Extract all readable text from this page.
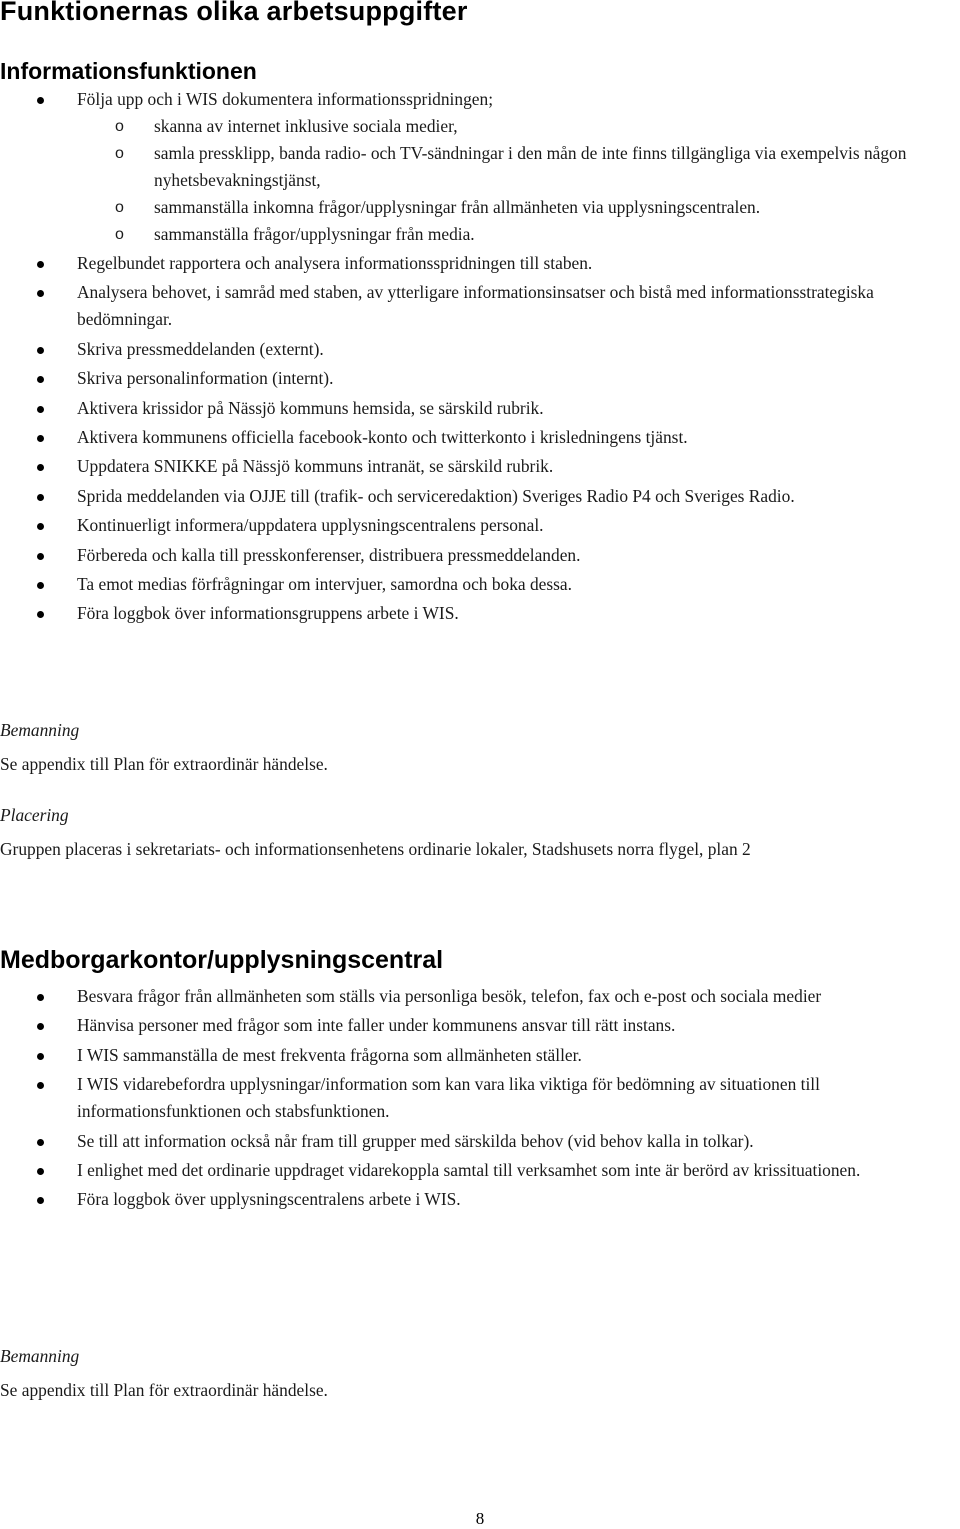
Funktionernas olika arbetsuppgifter
Informationsfunktionen
Följa upp och i WIS dokumentera informationsspridningen;
o skanna av internet inklusive sociala medier,
o samla pressklipp, banda radio- och TV-sändningar i den mån de inte finns tillgängliga via exempelvis någon nyhetsbevakningstjänst,
o sammanställa inkomna frågor/upplysningar från allmänheten via upplysningscentralen.
o sammanställa frågor/upplysningar från media.
Regelbundet rapportera och analysera informationsspridningen till staben.
Analysera behovet, i samråd med staben, av ytterligare informationsinsatser och bistå med informationsstrategiska bedömningar.
Skriva pressmeddelanden (externt).
Skriva personalinformation (internt).
Aktivera krissidor på Nässjö kommuns hemsida, se särskild rubrik.
Aktivera kommunens officiella facebook-konto och twitterkonto i krisledningens tjänst.
Uppdatera SNIKKE på Nässjö kommuns intranät, se särskild rubrik.
Sprida meddelanden via OJJE till (trafik- och serviceredaktion) Sveriges Radio P4 och Sveriges Radio.
Kontinuerligt informera/uppdatera upplysningscentralens personal.
Förbereda och kalla till presskonferenser, distribuera pressmeddelanden.
Ta emot medias förfrågningar om intervjuer, samordna och boka dessa.
Föra loggbok över informationsgruppens arbete i WIS.

Bemanning

Se appendix till Plan för extraordinär händelse.

Placering

Gruppen placeras i sekretariats- och informationsenhetens ordinarie lokaler, Stadshusets norra flygel, plan 2

Medborgarkontor/upplysningscentral
Besvara frågor från allmänheten som ställs via personliga besök, telefon, fax och e-post och sociala medier
Hänvisa personer med frågor som inte faller under kommunens ansvar till rätt instans.
I WIS sammanställa de mest frekventa frågorna som allmänheten ställer.
I WIS vidarebefordra upplysningar/information som kan vara lika viktiga för bedömning av situationen till informationsfunktionen och stabsfunktionen.
Se till att information också når fram till grupper med särskilda behov (vid behov kalla in tolkar).
I enlighet med det ordinarie uppdraget vidarekoppla samtal till verksamhet som inte är berörd av krissituationen.
Föra loggbok över upplysningscentralens arbete i WIS.

Bemanning

Se appendix till Plan för extraordinär händelse.

8
